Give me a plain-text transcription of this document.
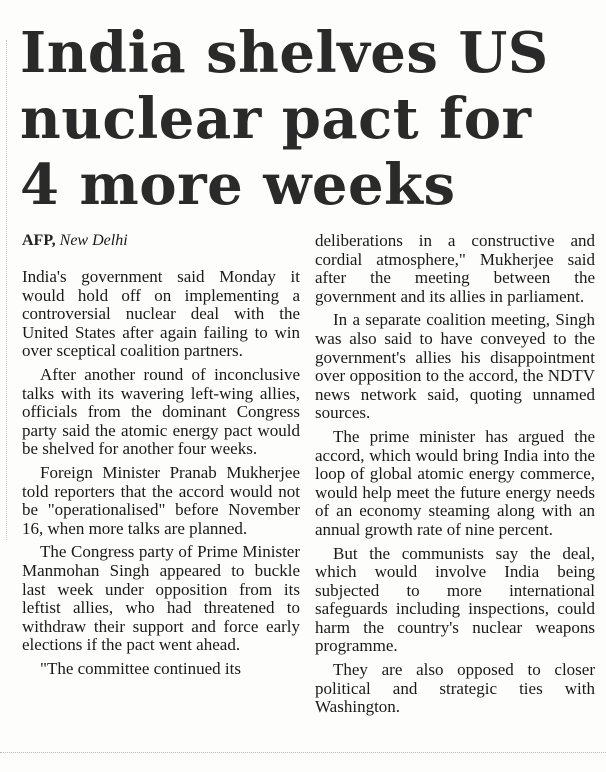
India shelves US
nuclear pact for
4 more weeks
AFP, New Delhi

India's government said Monday it would hold off on implementing a controversial nuclear deal with the United States after again failing to win over sceptical coalition partners.

After another round of inconclusive talks with its wavering left-wing allies, officials from the dominant Congress party said the atomic energy pact would be shelved for another four weeks.

Foreign Minister Pranab Mukherjee told reporters that the accord would not be "operationalised" before November 16, when more talks are planned.

The Congress party of Prime Minister Manmohan Singh appeared to buckle last week under opposition from its leftist allies, who had threatened to withdraw their support and force early elections if the pact went ahead.

"The committee continued its

deliberations in a constructive and cordial atmosphere," Mukherjee said after the meeting between the government and its allies in parliament.

In a separate coalition meeting, Singh was also said to have conveyed to the government's allies his disappointment over opposition to the accord, the NDTV news network said, quoting unnamed sources.

The prime minister has argued the accord, which would bring India into the loop of global atomic energy commerce, would help meet the future energy needs of an economy steaming along with an annual growth rate of nine percent.

But the communists say the deal, which would involve India being subjected to more international safeguards including inspections, could harm the country's nuclear weapons programme.

They are also opposed to closer political and strategic ties with Washington.
